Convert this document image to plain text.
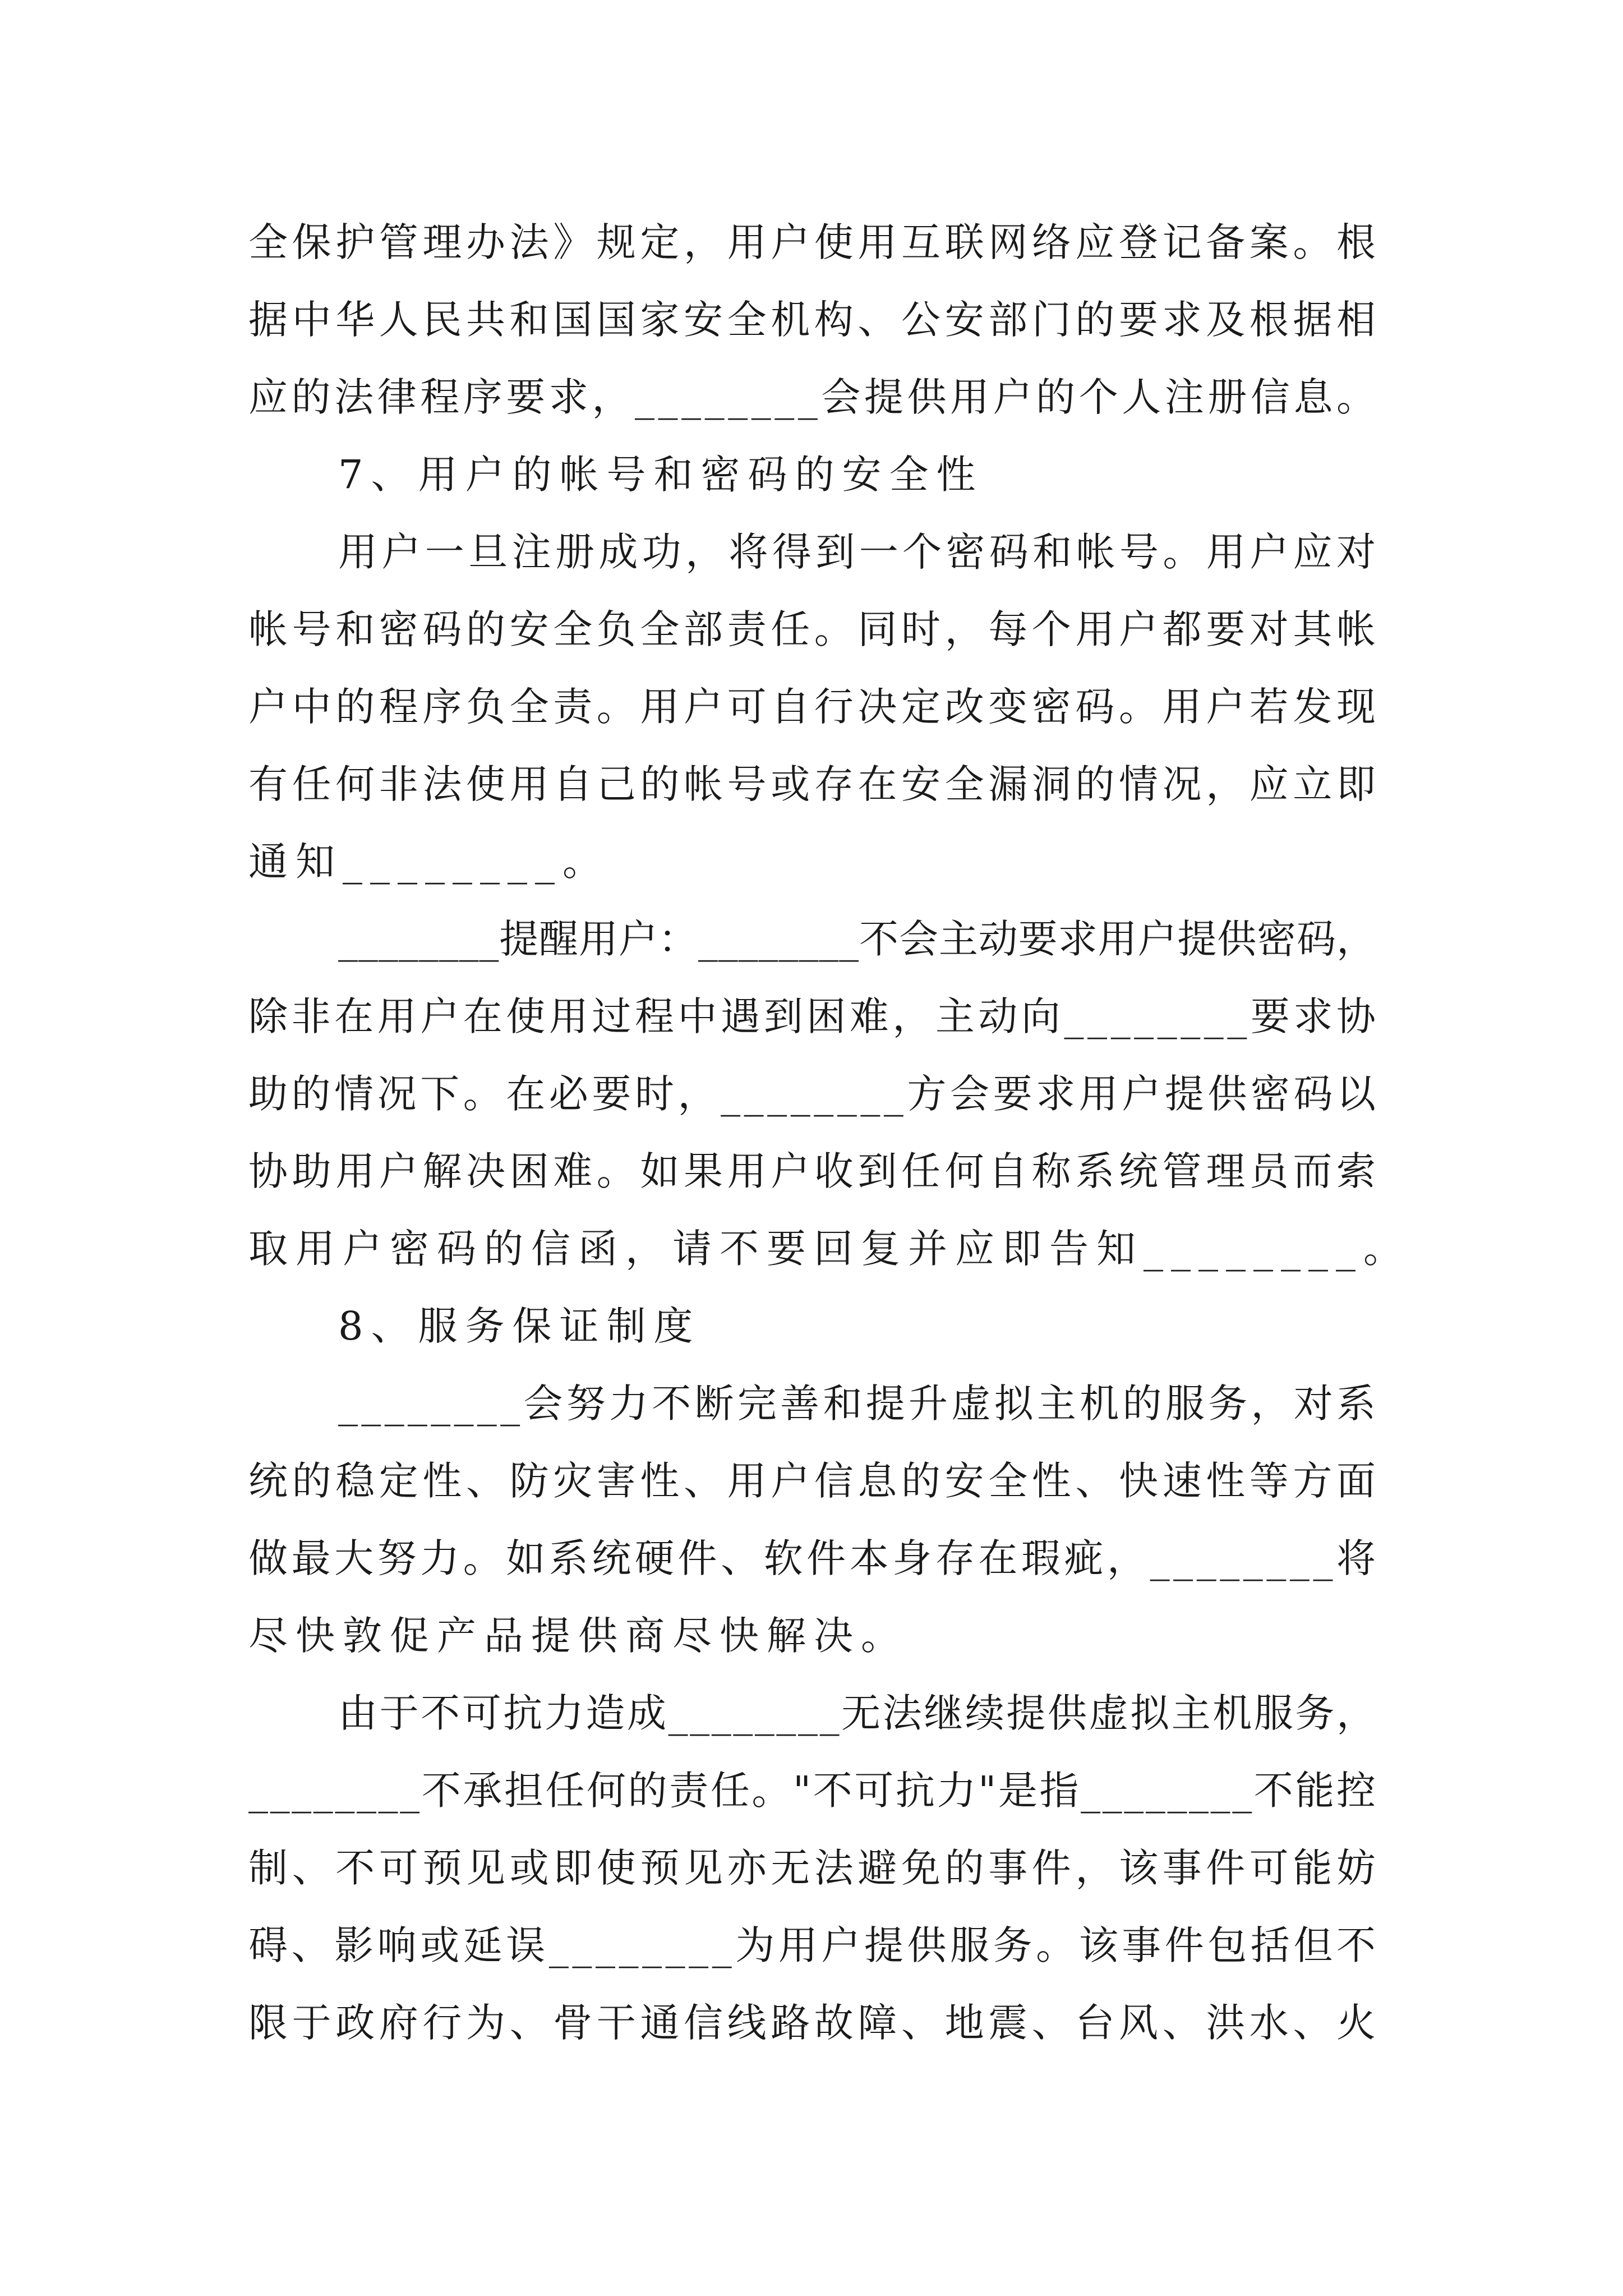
全保护管理办法》规定，用户使用互联网络应登记备案。根
据中华人民共和国国家安全机构、公安部门的要求及根据相
应的法律程序要求，________会提供用户的个人注册信息。
7、用户的帐号和密码的安全性
用户一旦注册成功，将得到一个密码和帐号。用户应对
帐号和密码的安全负全部责任。同时，每个用户都要对其帐
户中的程序负全责。用户可自行决定改变密码。用户若发现
有任何非法使用自己的帐号或存在安全漏洞的情况，应立即
通知________。
________提醒用户：________不会主动要求用户提供密码，
除非在用户在使用过程中遇到困难，主动向________要求协
助的情况下。在必要时，________方会要求用户提供密码以
协助用户解决困难。如果用户收到任何自称系统管理员而索
取用户密码的信函，请不要回复并应即告知________。
8、服务保证制度
________会努力不断完善和提升虚拟主机的服务，对系
统的稳定性、防灾害性、用户信息的安全性、快速性等方面
做最大努力。如系统硬件、软件本身存在瑕疵，________将
尽快敦促产品提供商尽快解决。
由于不可抗力造成________无法继续提供虚拟主机服务，
________不承担任何的责任。"不可抗力"是指________不能控
制、不可预见或即使预见亦无法避免的事件，该事件可能妨
碍、影响或延误________为用户提供服务。该事件包括但不
限于政府行为、骨干通信线路故障、地震、台风、洪水、火
